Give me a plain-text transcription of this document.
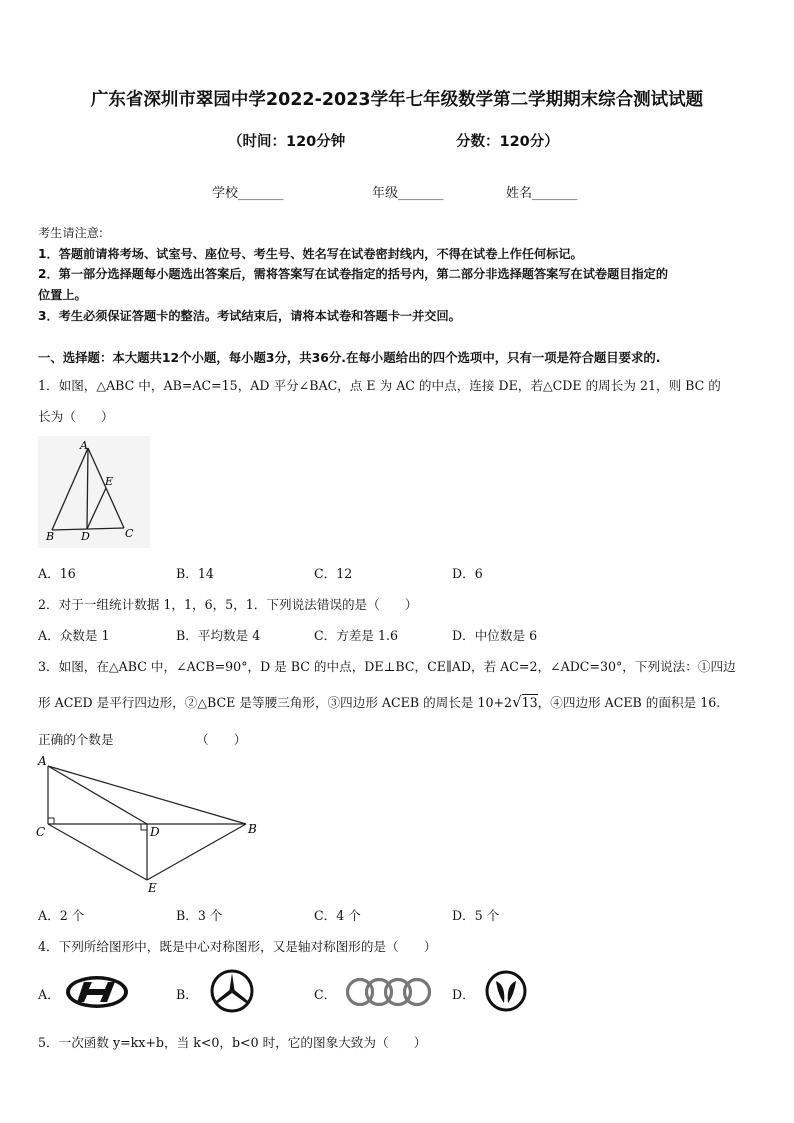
广东省深圳市翠园中学2022-2023学年七年级数学第二学期期末综合测试试题
（时间：120分钟	分数：120分）
学校_______	年级_______	姓名_______
考生请注意:
1．答题前请将考场、试室号、座位号、考生号、姓名写在试卷密封线内，不得在试卷上作任何标记。
2．第一部分选择题每小题选出答案后，需将答案写在试卷指定的括号内，第二部分非选择题答案写在试卷题目指定的
位置上。
3．考生必须保证答题卡的整洁。考试结束后，请将本试卷和答题卡一并交回。
一、选择题：本大题共12个小题，每小题3分，共36分.在每小题给出的四个选项中，只有一项是符合题目要求的.
1．如图，△ABC 中，AB=AC=15，AD 平分∠BAC，点 E 为 AC 的中点，连接 DE，若△CDE 的周长为 21，则 BC 的
长为（　　）
A
E
B D	C
A．16	B．14	C．12	D．6
2．对于一组统计数据 1，1，6，5，1．下列说法错误的是（　　）
A．众数是 1	B．平均数是 4	C．方差是 1.6	D．中位数是 6
3．如图，在△ABC 中，∠ACB=90°，D 是 BC 的中点，DE⊥BC，CE∥AD，若 AC=2，∠ADC=30°，下列说法：①四边
形 ACED 是平行四边形，②△BCE 是等腰三角形，③四边形 ACEB 的周长是 10+2√13，④四边形 ACEB 的面积是 16.
正确的个数是	（　　）
A
C	D	B
E
A．2 个	B．3 个	C．4 个	D．5 个
4．下列所给图形中，既是中心对称图形，又是轴对称图形的是（　　）
A．	B．	C．	D．
5．一次函数 y=kx+b，当 k<0，b<0 时，它的图象大致为（　　）
